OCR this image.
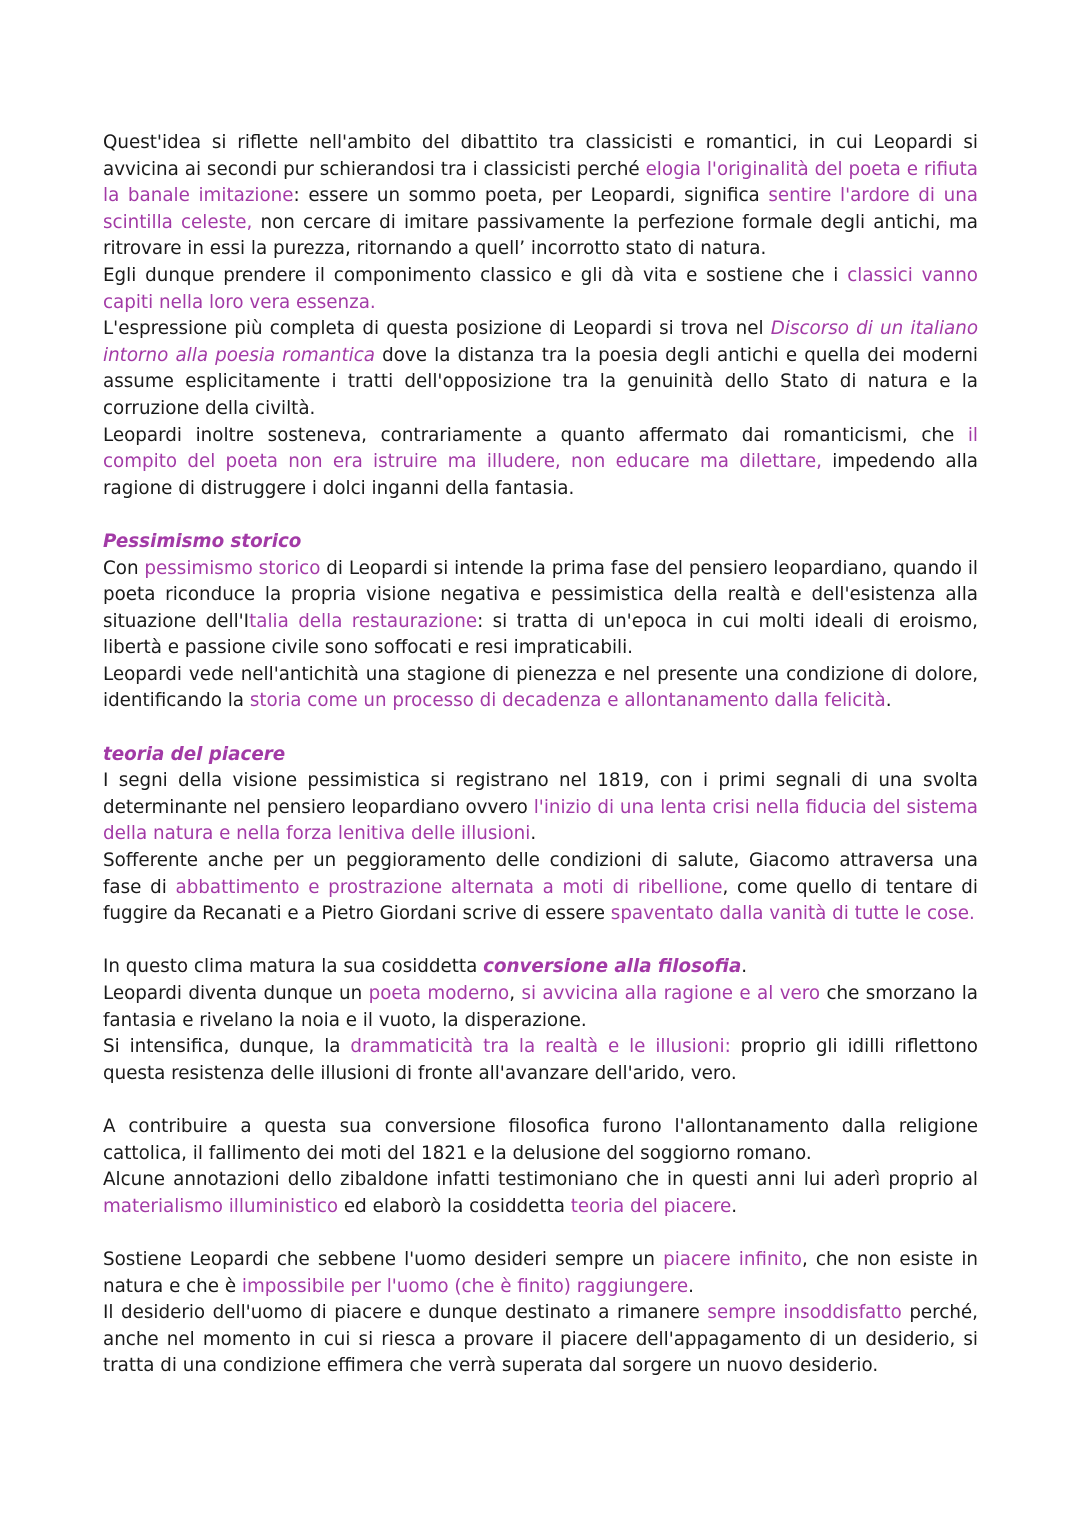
Quest'idea si riflette nell'ambito del dibattito tra classicisti e romantici, in cui Leopardi si avvicina ai secondi pur schierandosi tra i classicisti perché elogia l'originalità del poeta e rifiuta la banale imitazione: essere un sommo poeta, per Leopardi, significa sentire l'ardore di una scintilla celeste, non cercare di imitare passivamente la perfezione formale degli antichi, ma ritrovare in essi la purezza, ritornando a quell’ incorrotto stato di natura.

Egli dunque prendere il componimento classico e gli dà vita e sostiene che i classici vanno capiti nella loro vera essenza.

L'espressione più completa di questa posizione di Leopardi si trova nel Discorso di un italiano intorno alla poesia romantica dove la distanza tra la poesia degli antichi e quella dei moderni assume esplicitamente i tratti dell'opposizione tra la genuinità dello Stato di natura e la corruzione della civiltà.

Leopardi inoltre sosteneva, contrariamente a quanto affermato dai romanticismi, che il compito del poeta non era istruire ma illudere, non educare ma dilettare, impedendo alla ragione di distruggere i dolci inganni della fantasia.

Pessimismo storico

Con pessimismo storico di Leopardi si intende la prima fase del pensiero leopardiano, quando il poeta riconduce la propria visione negativa e pessimistica della realtà e dell'esistenza alla situazione dell'Italia della restaurazione: si tratta di un'epoca in cui molti ideali di eroismo, libertà e passione civile sono soffocati e resi impraticabili.

Leopardi vede nell'antichità una stagione di pienezza e nel presente una condizione di dolore, identificando la storia come un processo di decadenza e allontanamento dalla felicità.

teoria del piacere

I segni della visione pessimistica si registrano nel 1819, con i primi segnali di una svolta determinante nel pensiero leopardiano ovvero l'inizio di una lenta crisi nella fiducia del sistema della natura e nella forza lenitiva delle illusioni.

Sofferente anche per un peggioramento delle condizioni di salute, Giacomo attraversa una fase di abbattimento e prostrazione alternata a moti di ribellione, come quello di tentare di fuggire da Recanati e a Pietro Giordani scrive di essere spaventato dalla vanità di tutte le cose.

In questo clima matura la sua cosiddetta conversione alla filosofia.

Leopardi diventa dunque un poeta moderno, si avvicina alla ragione e al vero che smorzano la fantasia e rivelano la noia e il vuoto, la disperazione.

Si intensifica, dunque, la drammaticità tra la realtà e le illusioni: proprio gli idilli riflettono questa resistenza delle illusioni di fronte all'avanzare dell'arido, vero.

A contribuire a questa sua conversione filosofica furono l'allontanamento dalla religione cattolica, il fallimento dei moti del 1821 e la delusione del soggiorno romano.

Alcune annotazioni dello zibaldone infatti testimoniano che in questi anni lui aderì proprio al materialismo illuministico ed elaborò la cosiddetta teoria del piacere.

Sostiene Leopardi che sebbene l'uomo desideri sempre un piacere infinito, che non esiste in natura e che è impossibile per l'uomo (che è finito) raggiungere.

Il desiderio dell'uomo di piacere e dunque destinato a rimanere sempre insoddisfatto perché, anche nel momento in cui si riesca a provare il piacere dell'appagamento di un desiderio, si tratta di una condizione effimera che verrà superata dal sorgere un nuovo desiderio.
